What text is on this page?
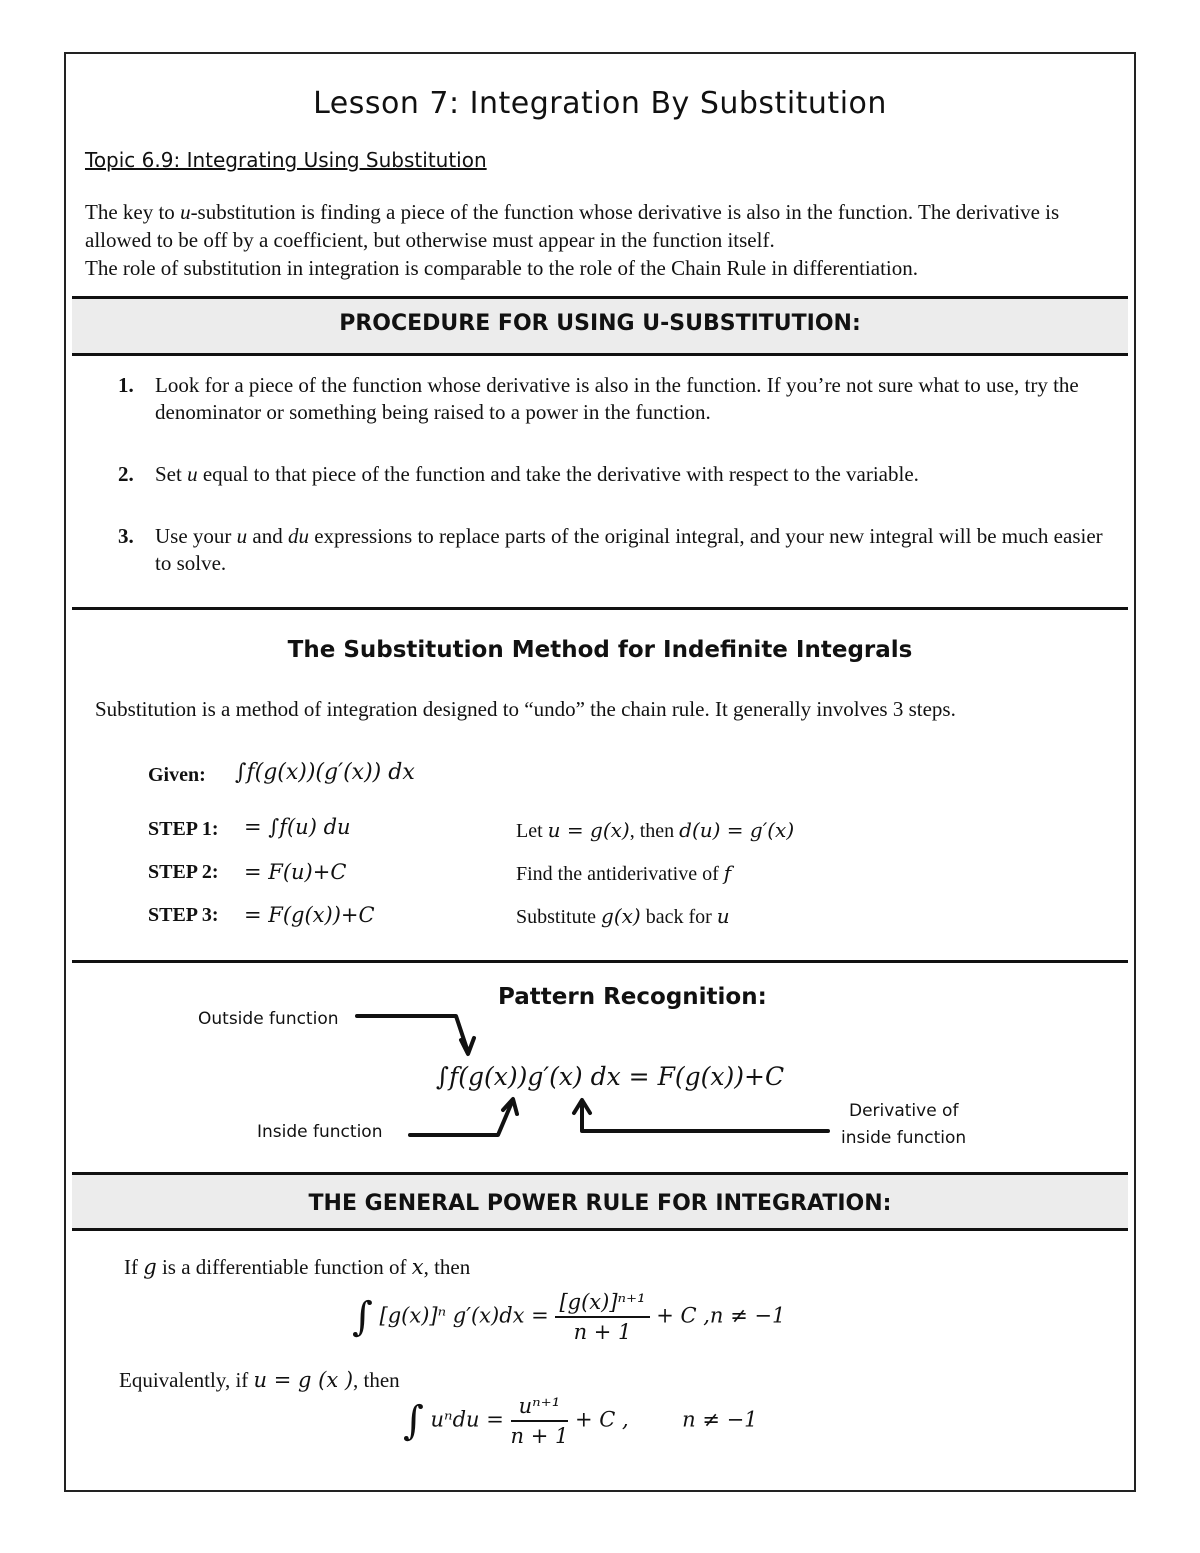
Lesson 7: Integration By Substitution
Topic 6.9: Integrating Using Substitution
The key to u-substitution is finding a piece of the function whose derivative is also in the function. The derivative is allowed to be off by a coefficient, but otherwise must appear in the function itself.
The role of substitution in integration is comparable to the role of the Chain Rule in differentiation.
PROCEDURE FOR USING U-SUBSTITUTION:
1. Look for a piece of the function whose derivative is also in the function. If you’re not sure what to use, try the denominator or something being raised to a power in the function.
2. Set u equal to that piece of the function and take the derivative with respect to the variable.
3. Use your u and du expressions to replace parts of the original integral, and your new integral will be much easier to solve.
The Substitution Method for Indefinite Integrals
Substitution is a method of integration designed to “undo” the chain rule. It generally involves 3 steps.
Given: ∫f(g(x))(g′(x)) dx
STEP 1: = ∫f(u) du	Let u = g(x), then d(u) = g′(x)
STEP 2: = F(u)+C	Find the antiderivative of f
STEP 3: = F(g(x))+C	Substitute g(x) back for u
Pattern Recognition:
Outside function
Inside function
Derivative of
inside function
∫f(g(x))g′(x) dx = F(g(x))+C
THE GENERAL POWER RULE FOR INTEGRATION:
If g is a differentiable function of x, then
∫ [g(x)]ⁿ $g'(x)dx = \frac{\text{[g(x)]ⁿ⁺¹}}{n + 1} + C$ ,n ≠ −1
Equivalently, if u = g (x ), then
∫ $u^ndu = \frac{\text{uⁿ⁺¹}}{n + 1} + C$ ,	n ≠ −1
